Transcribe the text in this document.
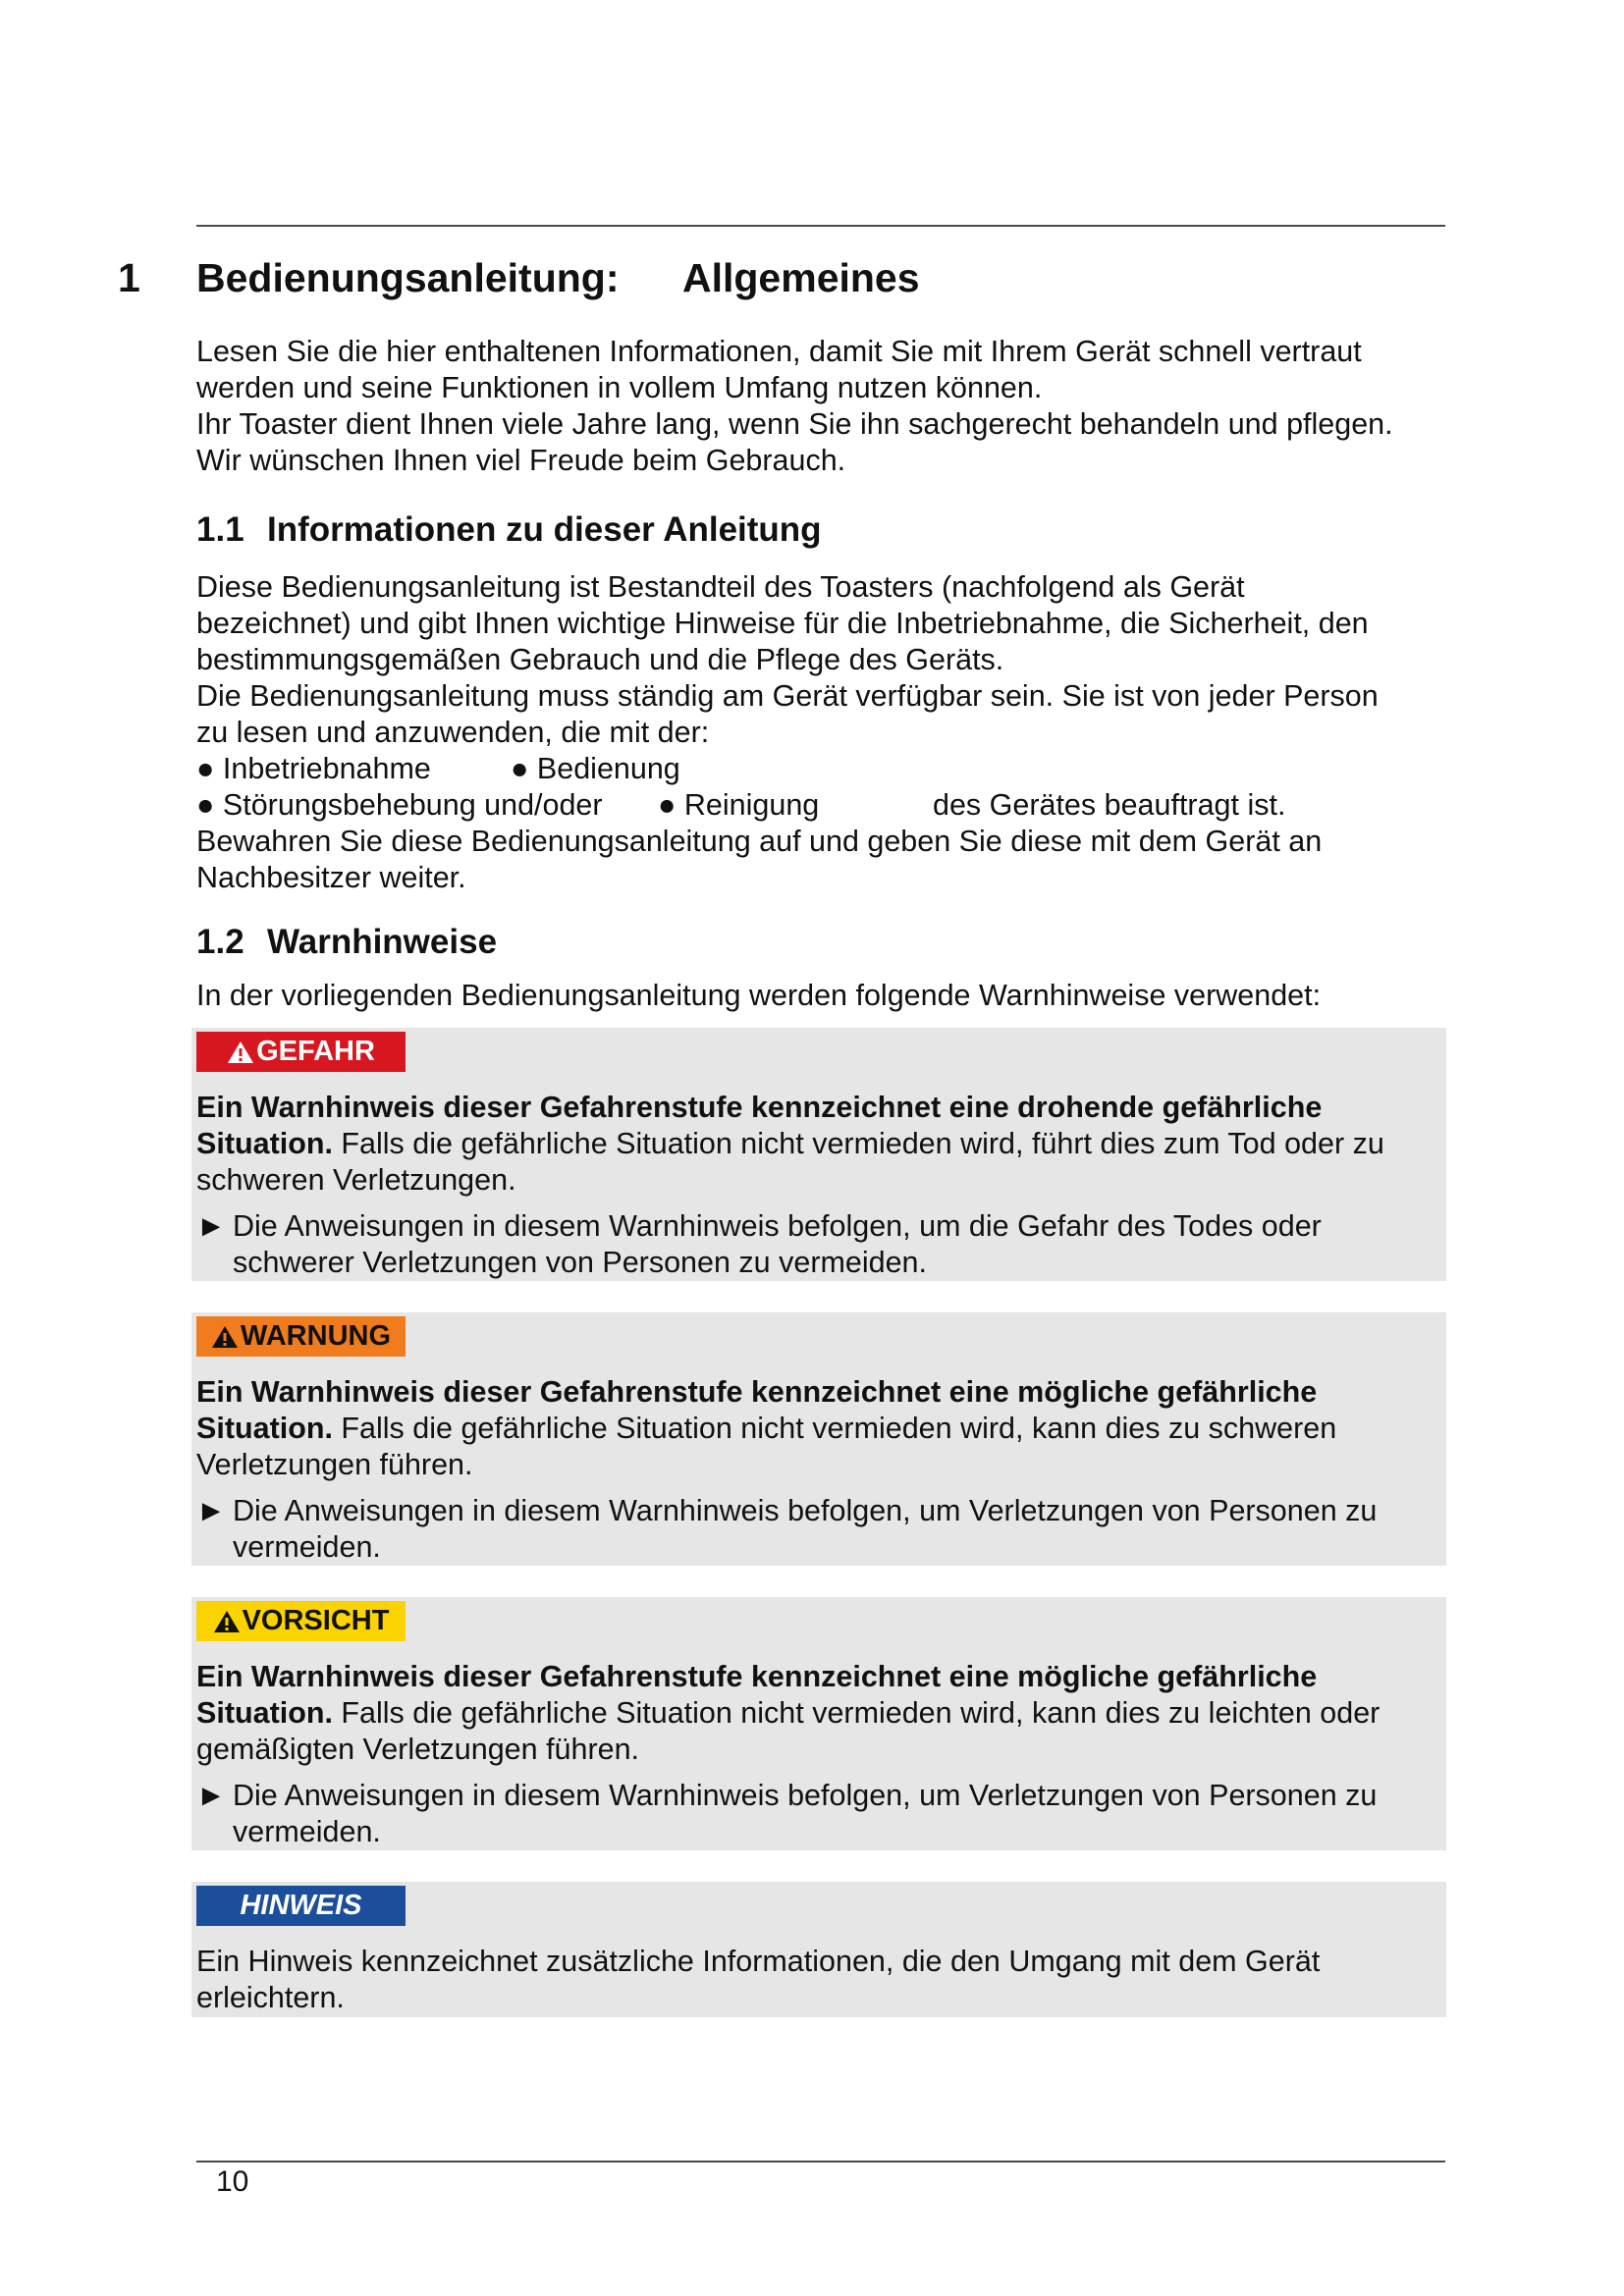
1 Bedienungsanleitung: Allgemeines

Lesen Sie die hier enthaltenen Informationen, damit Sie mit Ihrem Gerät schnell vertraut

werden und seine Funktionen in vollem Umfang nutzen können.

Ihr Toaster dient Ihnen viele Jahre lang, wenn Sie ihn sachgerecht behandeln und pflegen.

Wir wünschen Ihnen viel Freude beim Gebrauch.

1.1 Informationen zu dieser Anleitung

Diese Bedienungsanleitung ist Bestandteil des Toasters (nachfolgend als Gerät

bezeichnet) und gibt Ihnen wichtige Hinweise für die Inbetriebnahme, die Sicherheit, den

bestimmungsgemäßen Gebrauch und die Pflege des Geräts.

Die Bedienungsanleitung muss ständig am Gerät verfügbar sein. Sie ist von jeder Person

zu lesen und anzuwenden, die mit der:

● Inbetriebnahme	● Bedienung
● Störungsbehebung und/oder ● Reinigung	des Gerätes beauftragt ist.

Bewahren Sie diese Bedienungsanleitung auf und geben Sie diese mit dem Gerät an

Nachbesitzer weiter.

1.2 Warnhinweise

In der vorliegenden Bedienungsanleitung werden folgende Warnhinweise verwendet:

GEFAHR

Ein Warnhinweis dieser Gefahrenstufe kennzeichnet eine drohende gefährliche

Situation. Falls die gefährliche Situation nicht vermieden wird, führt dies zum Tod oder zu

schweren Verletzungen.

► Die Anweisungen in diesem Warnhinweis befolgen, um die Gefahr des Todes oder

schwerer Verletzungen von Personen zu vermeiden.

WARNUNG

Ein Warnhinweis dieser Gefahrenstufe kennzeichnet eine mögliche gefährliche

Situation. Falls die gefährliche Situation nicht vermieden wird, kann dies zu schweren

Verletzungen führen.

► Die Anweisungen in diesem Warnhinweis befolgen, um Verletzungen von Personen zu

vermeiden.

VORSICHT

Ein Warnhinweis dieser Gefahrenstufe kennzeichnet eine mögliche gefährliche

Situation. Falls die gefährliche Situation nicht vermieden wird, kann dies zu leichten oder

gemäßigten Verletzungen führen.

► Die Anweisungen in diesem Warnhinweis befolgen, um Verletzungen von Personen zu

vermeiden.

HINWEIS

Ein Hinweis kennzeichnet zusätzliche Informationen, die den Umgang mit dem Gerät

erleichtern.

10
